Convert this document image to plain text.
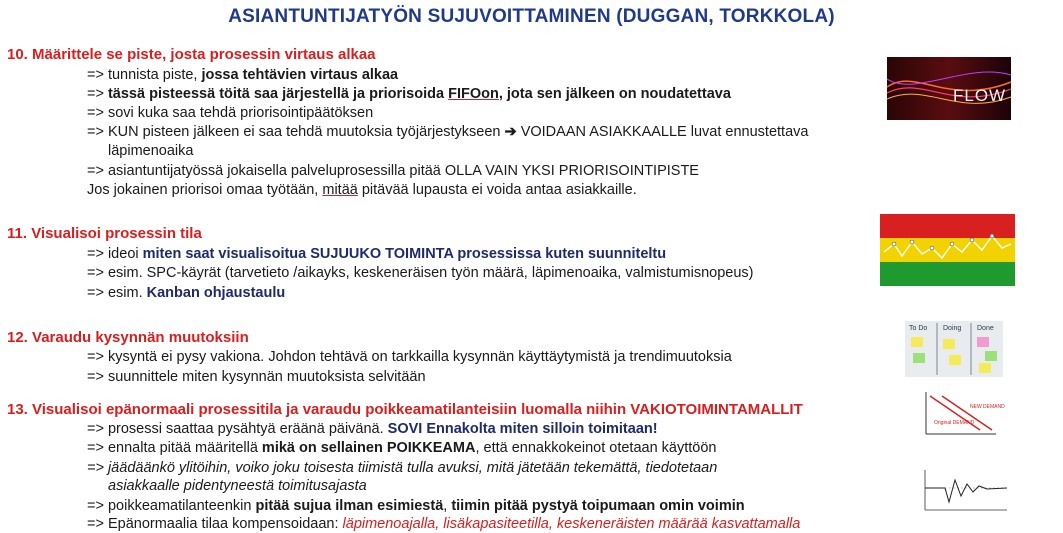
ASIANTUNTIJATYÖN SUJUVOITTAMINEN (DUGGAN, TORKKOLA)
10. Määrittele se piste, josta prosessin virtaus alkaa
=> tunnista piste, jossa tehtävien virtaus alkaa
=> tässä pisteessä töitä saa järjestellä ja priorisoida FIFOon, jota sen jälkeen on noudatettava
=> sovi kuka saa tehdä priorisointipäätöksen
=> KUN pisteen jälkeen ei saa tehdä muutoksia työjärjestykseen ➔ VOIDAAN ASIAKKAALLE luvat ennustettava
läpimenoaika
=> asiantuntijatyössä jokaisella palveluprosessilla pitää OLLA VAIN YKSI PRIORISOINTIPISTE
Jos jokainen priorisoi omaa työtään, mitää pitävää lupausta ei voida antaa asiakkaille.
11. Visualisoi prosessin tila
=> ideoi miten saat visualisoitua SUJUUKO TOIMINTA prosessissa kuten suunniteltu
=> esim. SPC-käyrät (tarvetieto /aikayks, keskeneräisen työn määrä, läpimenoaika, valmistumisnopeus)
=> esim. Kanban ohjaustaulu
12. Varaudu kysynnän muutoksiin
=> kysyntä ei pysy vakiona. Johdon tehtävä on tarkkailla kysynnän käyttäytymistä ja trendimuutoksia
=> suunnittele miten kysynnän muutoksista selvitään
13. Visualisoi epänormaali prosessitila ja varaudu poikkeamatilanteisiin luomalla niihin VAKIOTOIMINTAMALLIT
=> prosessi saattaa pysähtyä eräänä päivänä. SOVI Ennakolta miten silloin toimitaan!
=> ennalta pitää määritellä mikä on sellainen POIKKEAMA, että ennakkokeinot otetaan käyttöön
=> jäädäänkö ylitöihin, voiko joku toisesta tiimistä tulla avuksi, mitä jätetään tekemättä, tiedotetaan
asiakkaalle pidentyneestä toimitusajasta
=> poikkeamatilanteenkin pitää sujua ilman esimiestä, tiimin pitää pystyä toipumaan omin voimin
=> Epänormaalia tilaa kompensoidaan: läpimenoajalla, lisäkapasiteetilla, keskeneräisten määrää kasvattamalla
FLOW
To Do Doing Done
NEW DEMAND
Original DEMAND
